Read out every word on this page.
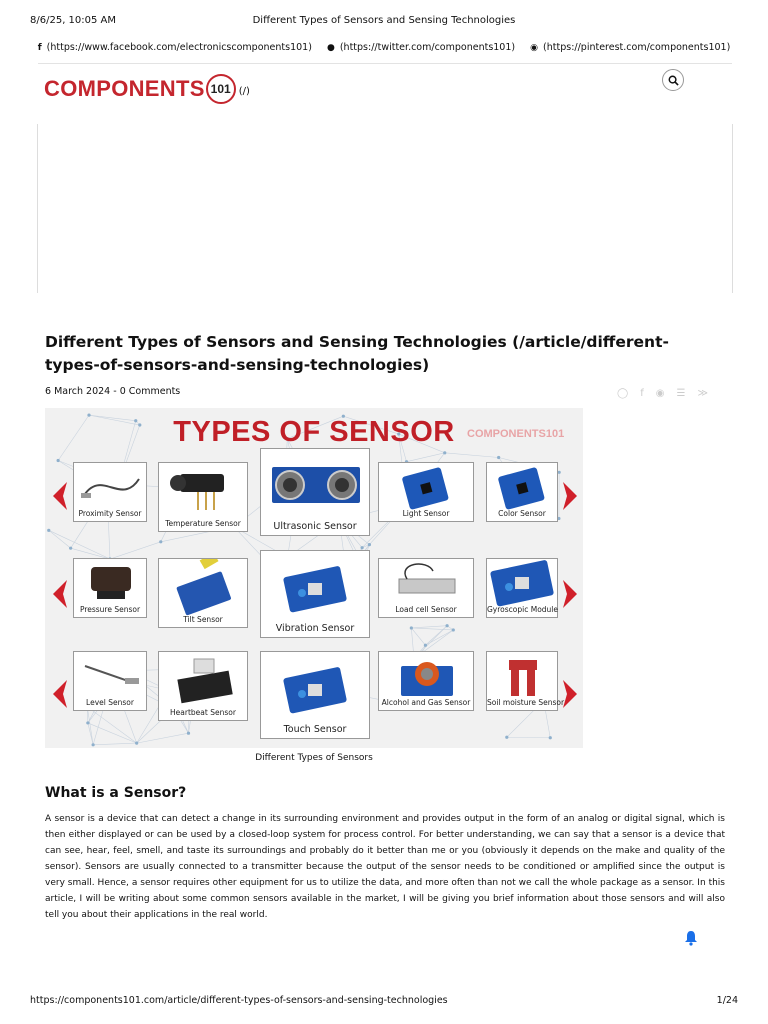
8/6/25, 10:05 AM	Different Types of Sensors and Sensing Technologies
f (https://www.facebook.com/electronicscomponents101) ● (https://twitter.com/components101) ◉ (https://pinterest.com/components101)
COMPONENTS 101 (/)
Different Types of Sensors and Sensing Technologies (/article/different-types-of-sensors-and-sensing-technologies)
6 March 2024 - 0 Comments	◯f◉☰≫
TYPES OF SENSOR	COMPONENTS101
Proximity Sensor
Temperature Sensor	Ultrasonic Sensor
Light Sensor	Color Sensor
Pressure Sensor
Tilt Sensor
Vibration Sensor
Load cell Sensor	Gyroscopic Module
Level Sensor
Heartbeat Sensor
Touch Sensor
Alcohol and Gas Sensor	Soil moisture Sensor
Different Types of Sensors
What is a Sensor?

A sensor is a device that can detect a change in its surrounding environment and provides output in the form of an analog or digital signal, which is then either displayed or can be used by a closed-loop system for process control. For better understanding, we can say that a sensor is a device that can see, hear, feel, smell, and taste its surroundings and probably do it better than me or you (obviously it depends on the make and quality of the sensor). Sensors are usually connected to a transmitter because the output of the sensor needs to be conditioned or amplified since the output is very small. Hence, a sensor requires other equipment for us to utilize the data, and more often than not we call the whole package as a sensor. In this article, I will be writing about some common sensors available in the market, I will be giving you brief information about those sensors and will also tell you about their applications in the real world.

https://components101.com/article/different-types-of-sensors-and-sensing-technologies	1/24
